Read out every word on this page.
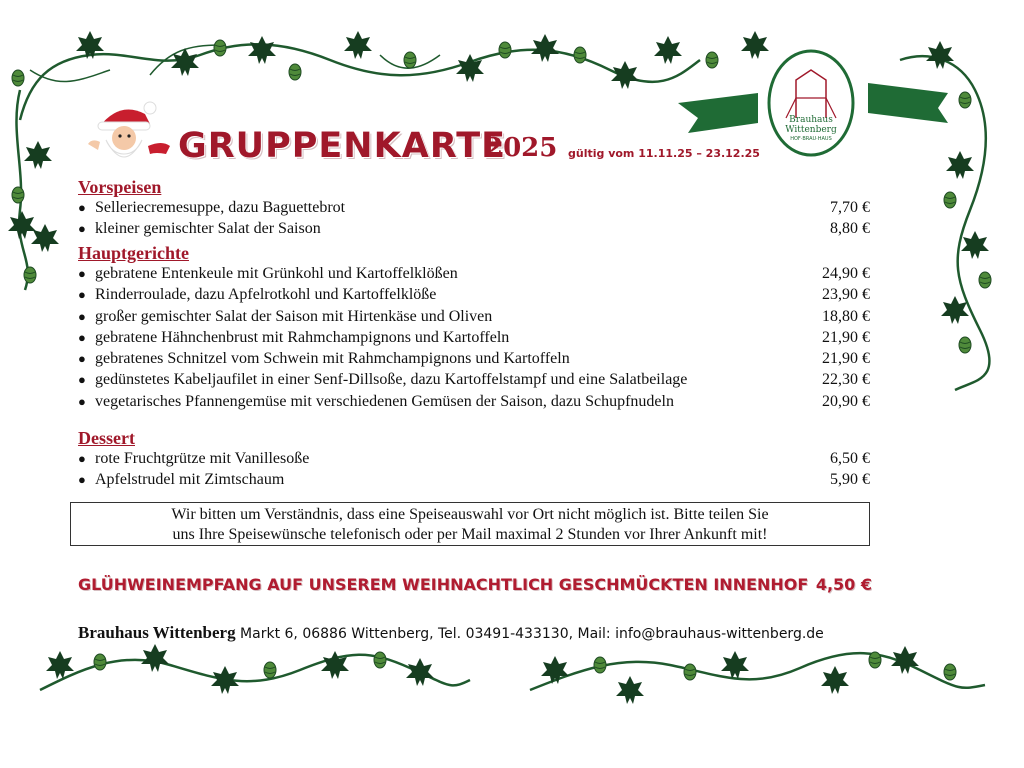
Brauhaus
Wittenberg
HOF·BRAU·HAUS
GRUPPENKARTE
2025 gültig vom 11.11.25 – 23.12.25
Vorspeisen
● Selleriecremesuppe, dazu Baguettebrot	7,70 €
● kleiner gemischter Salat der Saison	8,80 €
Hauptgerichte
● gebratene Entenkeule mit Grünkohl und Kartoffelklößen	24,90 €
● Rinderroulade, dazu Apfelrotkohl und Kartoffelklöße	23,90 €
● großer gemischter Salat der Saison mit Hirtenkäse und Oliven	18,80 €
● gebratene Hähnchenbrust mit Rahmchampignons und Kartoffeln	21,90 €
● gebratenes Schnitzel vom Schwein mit Rahmchampignons und Kartoffeln	21,90 €
● gedünstetes Kabeljaufilet in einer Senf-Dillsoße, dazu Kartoffelstampf und eine Salatbeilage	22,30 €
● vegetarisches Pfannengemüse mit verschiedenen Gemüsen der Saison, dazu Schupfnudeln	20,90 €
Dessert
● rote Fruchtgrütze mit Vanillesoße	6,50 €
● Apfelstrudel mit Zimtschaum	5,90 €
Wir bitten um Verständnis, dass eine Speiseauswahl vor Ort nicht möglich ist. Bitte teilen Sie
uns Ihre Speisewünsche telefonisch oder per Mail maximal 2 Stunden vor Ihrer Ankunft mit!
GLÜHWEINEMPFANG AUF UNSEREM WEIHNACHTLICH GESCHMÜCKTEN INNENHOF 4,50 €
Brauhaus Wittenberg Markt 6, 06886 Wittenberg, Tel. 03491-433130, Mail: info@brauhaus-wittenberg.de
